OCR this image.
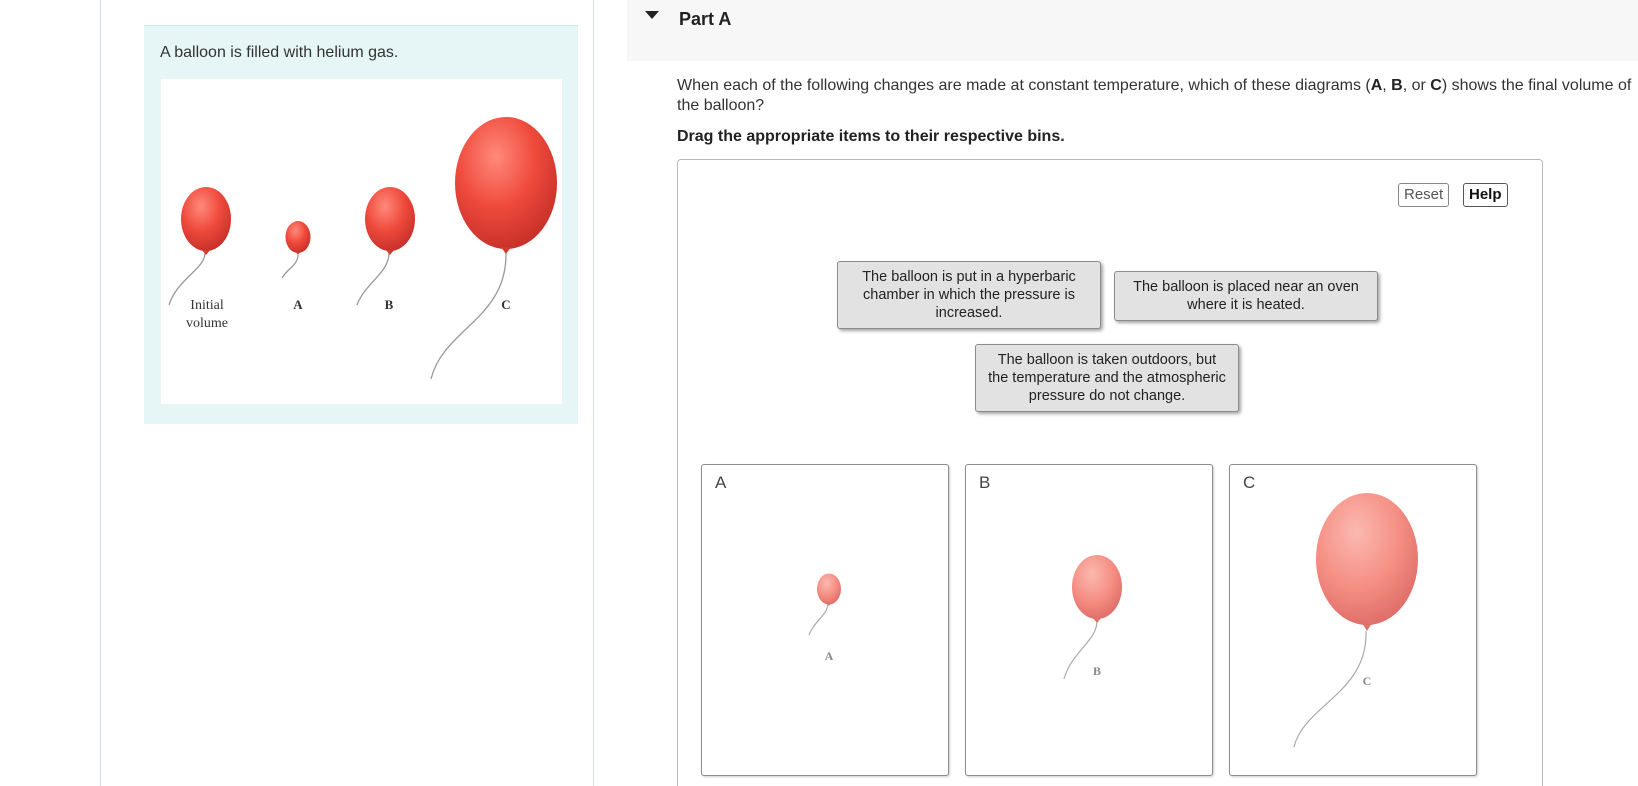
A balloon is filled with helium gas.
Initial
volume
A	B	C
Part A
When each of the following changes are made at constant temperature, which of these diagrams (A, B, or C) shows the final volume of the balloon?
Drag the appropriate items to their respective bins.
Reset	Help
The balloon is put in a hyperbaric chamber in which the pressure is increased.
The balloon is placed near an oven where it is heated.
The balloon is taken outdoors, but the temperature and the atmospheric pressure do not change.
A
A
B
B
C
C
